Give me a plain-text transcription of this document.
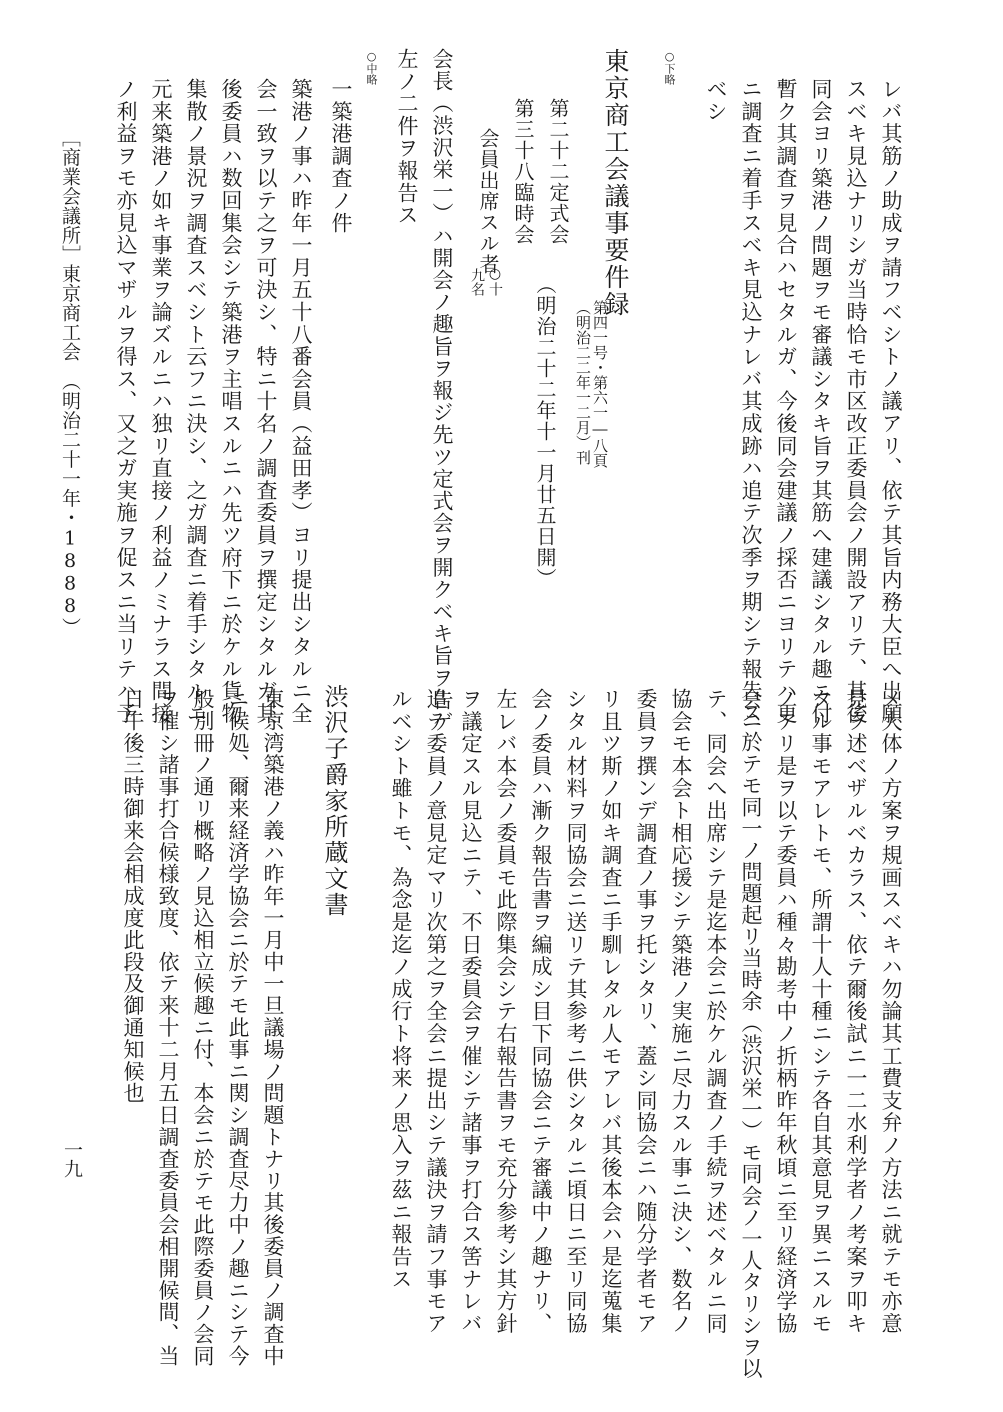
レバ其筋ノ助成ヲ請フベシトノ議アリ、依テ其旨内務大臣へ出願
スベキ見込ナリシガ当時恰モ市区改正委員会ノ開設アリテ、其後
同会ヨリ築港ノ問題ヲモ審議シタキ旨ヲ其筋へ建議シタル趣ニ付
暫ク其調査ヲ見合ハセタルガ、今後同会建議ノ採否ニヨリテハ更
ニ調査ニ着手スベキ見込ナレバ其成跡ハ追テ次季ヲ期シテ報告ス
ベシ
○下略
東京商工会議事要件録
第四一号・第六一―八頁
（明治二二年一二月）刊
第二十二定式会
（明治二十二年十一月廿五日開）
第三十八臨時会
会員出席スル者
○十
九名
会長（渋沢栄一）ハ開会ノ趣旨ヲ報ジ先ツ定式会ヲ開クベキ旨ヲ告ゲ
左ノ二件ヲ報告ス
○中略
一築港調査ノ件
築港ノ事ハ昨年一月五十八番会員（益田孝）ヨリ提出シタルニ全
会一致ヲ以テ之ヲ可決シ、特ニ十名ノ調査委員ヲ撰定シタルガ其
後委員ハ数回集会シテ築港ヲ主唱スルニハ先ツ府下ニ於ケル貨物
集散ノ景況ヲ調査スベシト云フニ決シ、之ガ調査ニ着手シタルニ
元来築港ノ如キ事業ヲ論ズルニハ独リ直接ノ利益ノミナラス間接
ノ利益ヲモ亦見込マザルヲ得ス、又之ガ実施ヲ促スニ当リテハ予
［商業会議所］
東京商工会　（明治二十一年・1888）
メ大体ノ方案ヲ規画スベキハ勿論其工費支弁ノ方法ニ就テモ亦意
見ヲ述ベザルベカラス、依テ爾後試ニ一二水利学者ノ考案ヲ叩キ
タル事モアレトモ、所謂十人十種ニシテ各自其意見ヲ異ニスルモ
ノアリ是ヲ以テ委員ハ種々勘考中ノ折柄昨年秋頃ニ至リ経済学協
会ニ於テモ同一ノ問題起リ当時余（渋沢栄一）モ同会ノ一人タリシヲ以
テ、同会へ出席シテ是迄本会ニ於ケル調査ノ手続ヲ述ベタルニ同
協会モ本会ト相応援シテ築港ノ実施ニ尽力スル事ニ決シ、数名ノ
委員ヲ撰ンデ調査ノ事ヲ托シタリ、蓋シ同協会ニハ随分学者モア
リ且ツ斯ノ如キ調査ニ手馴レタル人モアレバ其後本会ハ是迄蒐集
シタル材料ヲ同協会ニ送リテ其参考ニ供シタルニ頃日ニ至リ同協
会ノ委員ハ漸ク報告書ヲ編成シ目下同協会ニテ審議中ノ趣ナリ、
左レバ本会ノ委員モ此際集会シテ右報告書ヲモ充分参考シ其方針
ヲ議定スル見込ニテ、不日委員会ヲ催シテ諸事ヲ打合ス筈ナレバ
追テ委員ノ意見定マリ次第之ヲ全会ニ提出シテ議決ヲ請フ事モア
ルベシト雖トモ、為念是迄ノ成行ト将来ノ思入ヲ茲ニ報告ス
渋沢子爵家所蔵文書
東京湾築港ノ義ハ昨年一月中一旦議場ノ問題トナリ其後委員ノ調査中
ニ候処、爾来経済学協会ニ於テモ此事ニ関シ調査尽力中ノ趣ニシテ今
般別冊ノ通リ概略ノ見込相立候趣ニ付、本会ニ於テモ此際委員ノ会同
ヲ催シ諸事打合候様致度、依テ来十二月五日調査委員会相開候間、当
日午後三時御来会相成度此段及御通知候也
一九
